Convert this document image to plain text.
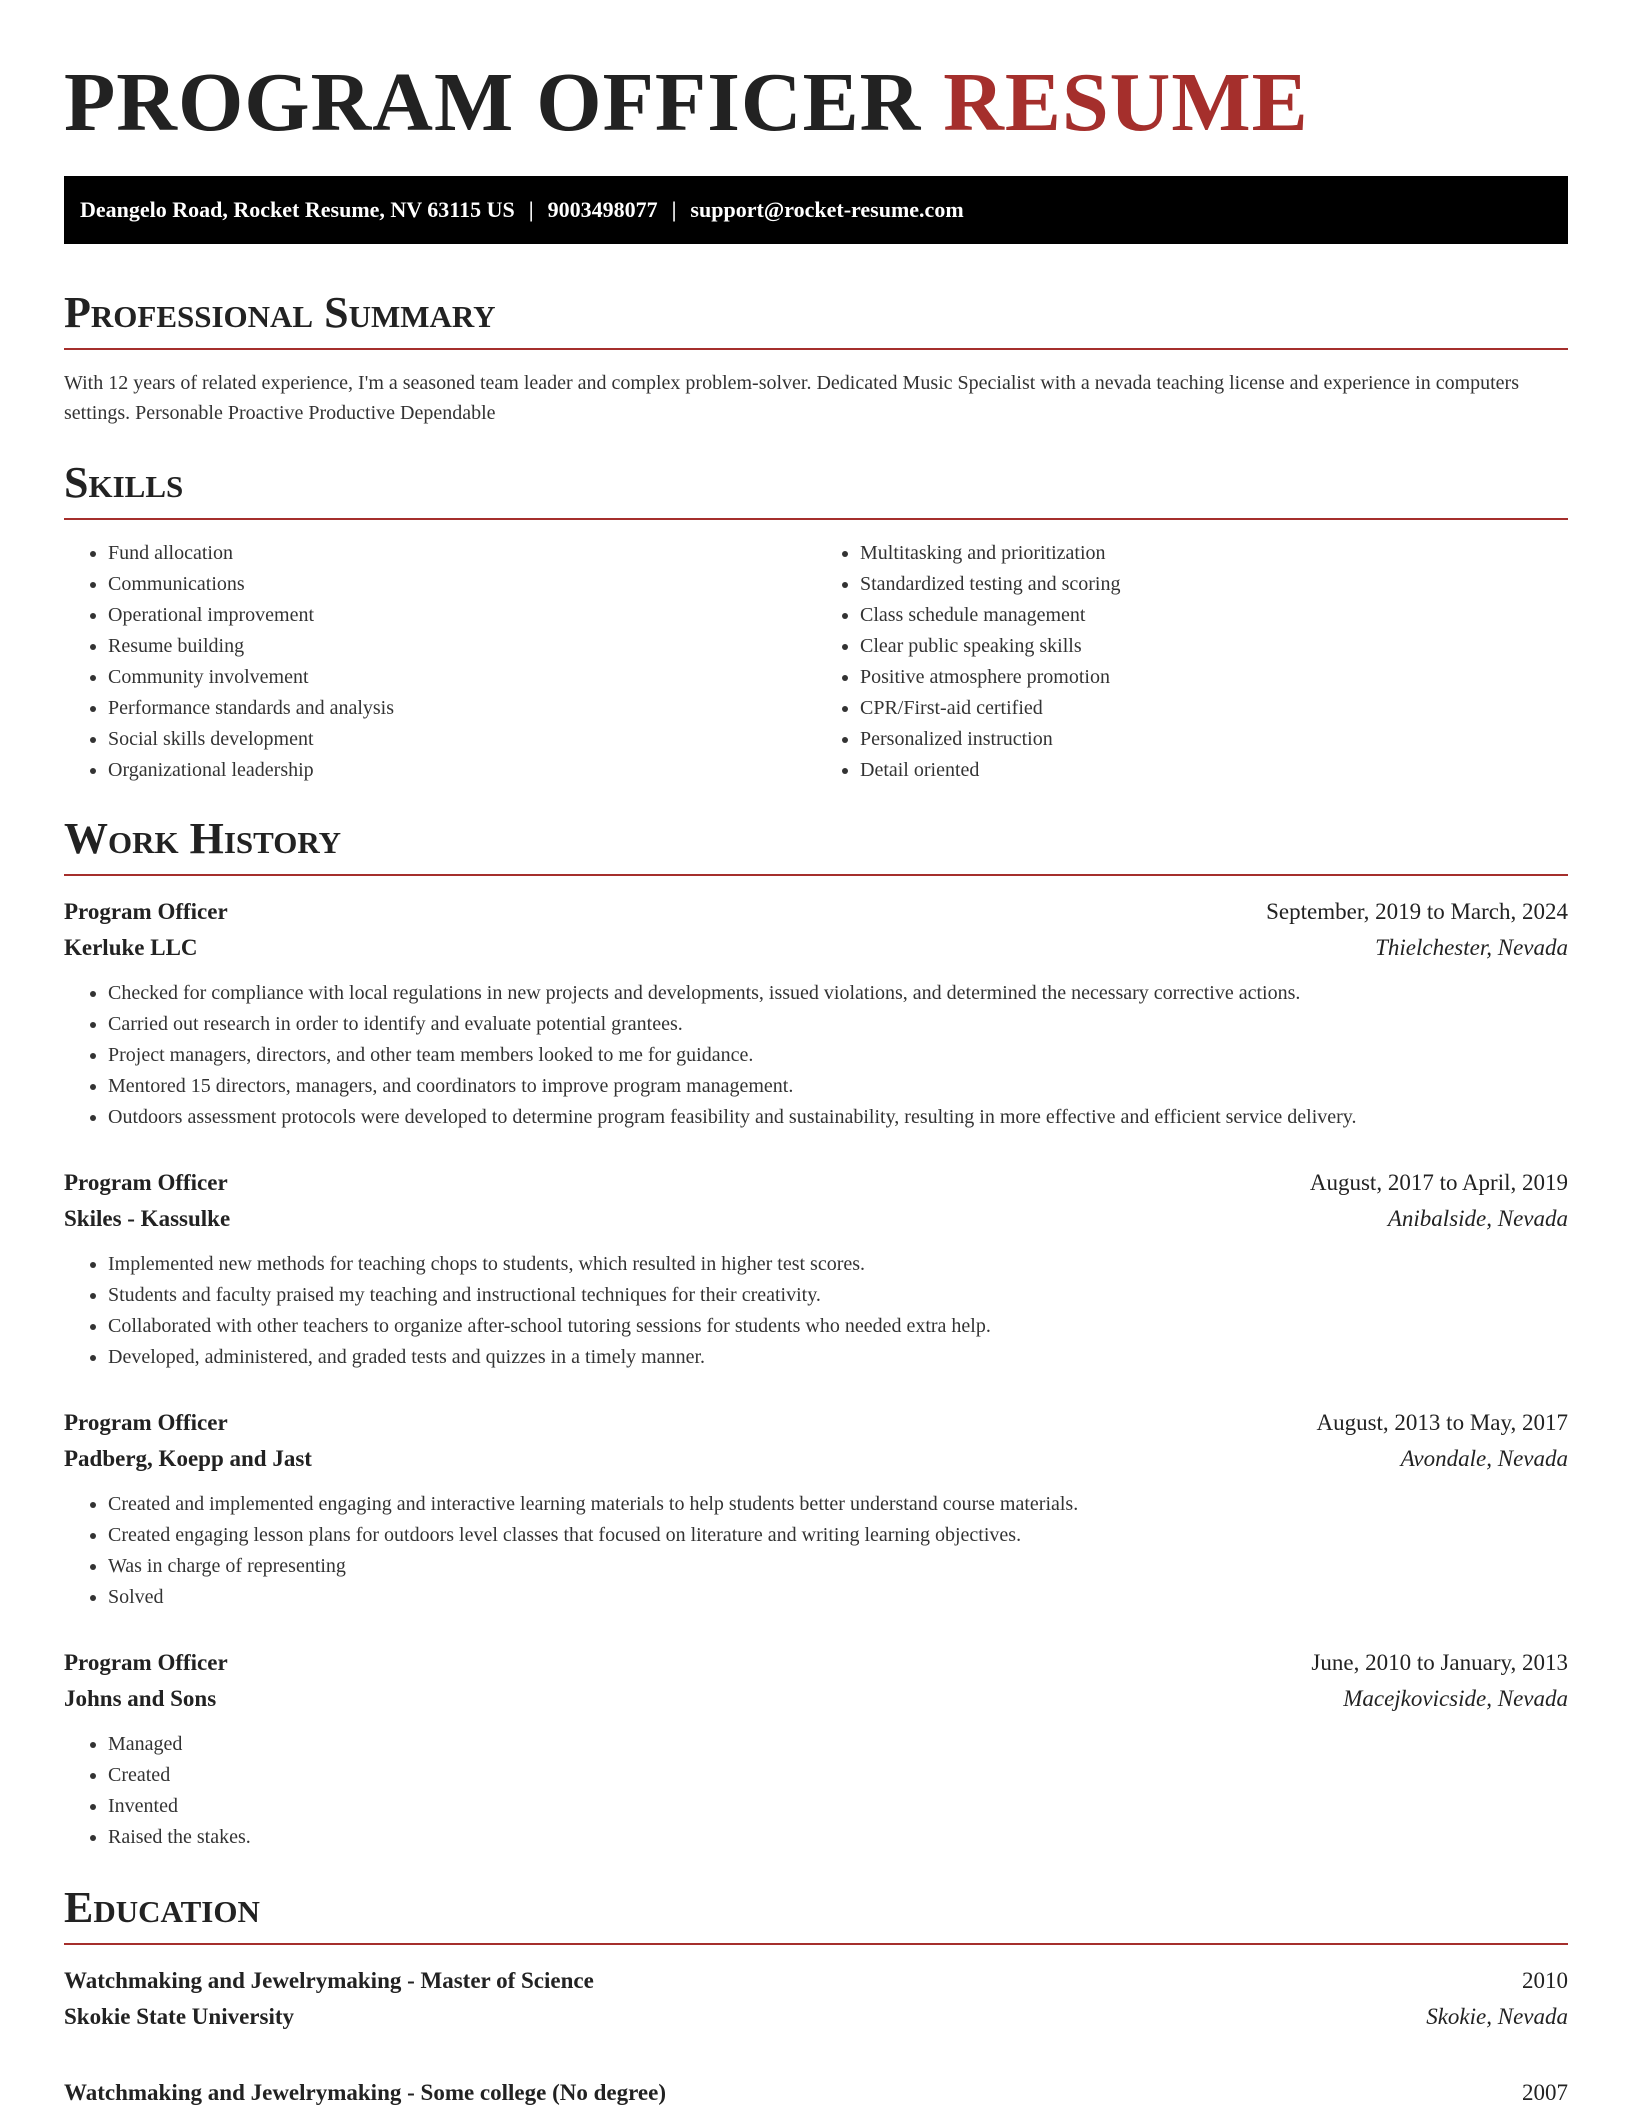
PROGRAM OFFICER RESUME
Deangelo Road, Rocket Resume, NV 63115 US | 9003498077 | support@rocket-resume.com
Professional Summary

With 12 years of related experience, I'm a seasoned team leader and complex problem-solver. Dedicated Music Specialist with a nevada teaching license and experience in computers settings. Personable Proactive Productive Dependable

Skills
• Fund allocation
• Communications
• Operational improvement
• Resume building
• Community involvement
• Performance standards and analysis
• Social skills development
• Organizational leadership
• Multitasking and prioritization
• Standardized testing and scoring
• Class schedule management
• Clear public speaking skills
• Positive atmosphere promotion
• CPR/First-aid certified
• Personalized instruction
• Detail oriented
Work History
Program Officer	September, 2019 to March, 2024
Kerluke LLC	Thielchester, Nevada
• Checked for compliance with local regulations in new projects and developments, issued violations, and determined the necessary corrective actions.
• Carried out research in order to identify and evaluate potential grantees.
• Project managers, directors, and other team members looked to me for guidance.
• Mentored 15 directors, managers, and coordinators to improve program management.
• Outdoors assessment protocols were developed to determine program feasibility and sustainability, resulting in more effective and efficient service delivery.
Program Officer	August, 2017 to April, 2019
Skiles - Kassulke	Anibalside, Nevada
• Implemented new methods for teaching chops to students, which resulted in higher test scores.
• Students and faculty praised my teaching and instructional techniques for their creativity.
• Collaborated with other teachers to organize after-school tutoring sessions for students who needed extra help.
• Developed, administered, and graded tests and quizzes in a timely manner.
Program Officer	August, 2013 to May, 2017
Padberg, Koepp and Jast	Avondale, Nevada
• Created and implemented engaging and interactive learning materials to help students better understand course materials.
• Created engaging lesson plans for outdoors level classes that focused on literature and writing learning objectives.
• Was in charge of representing
• Solved
Program Officer	June, 2010 to January, 2013
Johns and Sons	Macejkovicside, Nevada
• Managed
• Created
• Invented
• Raised the stakes.
Education
Watchmaking and Jewelrymaking - Master of Science	2010
Skokie State University	Skokie, Nevada
Watchmaking and Jewelrymaking - Some college (No degree)	2007
